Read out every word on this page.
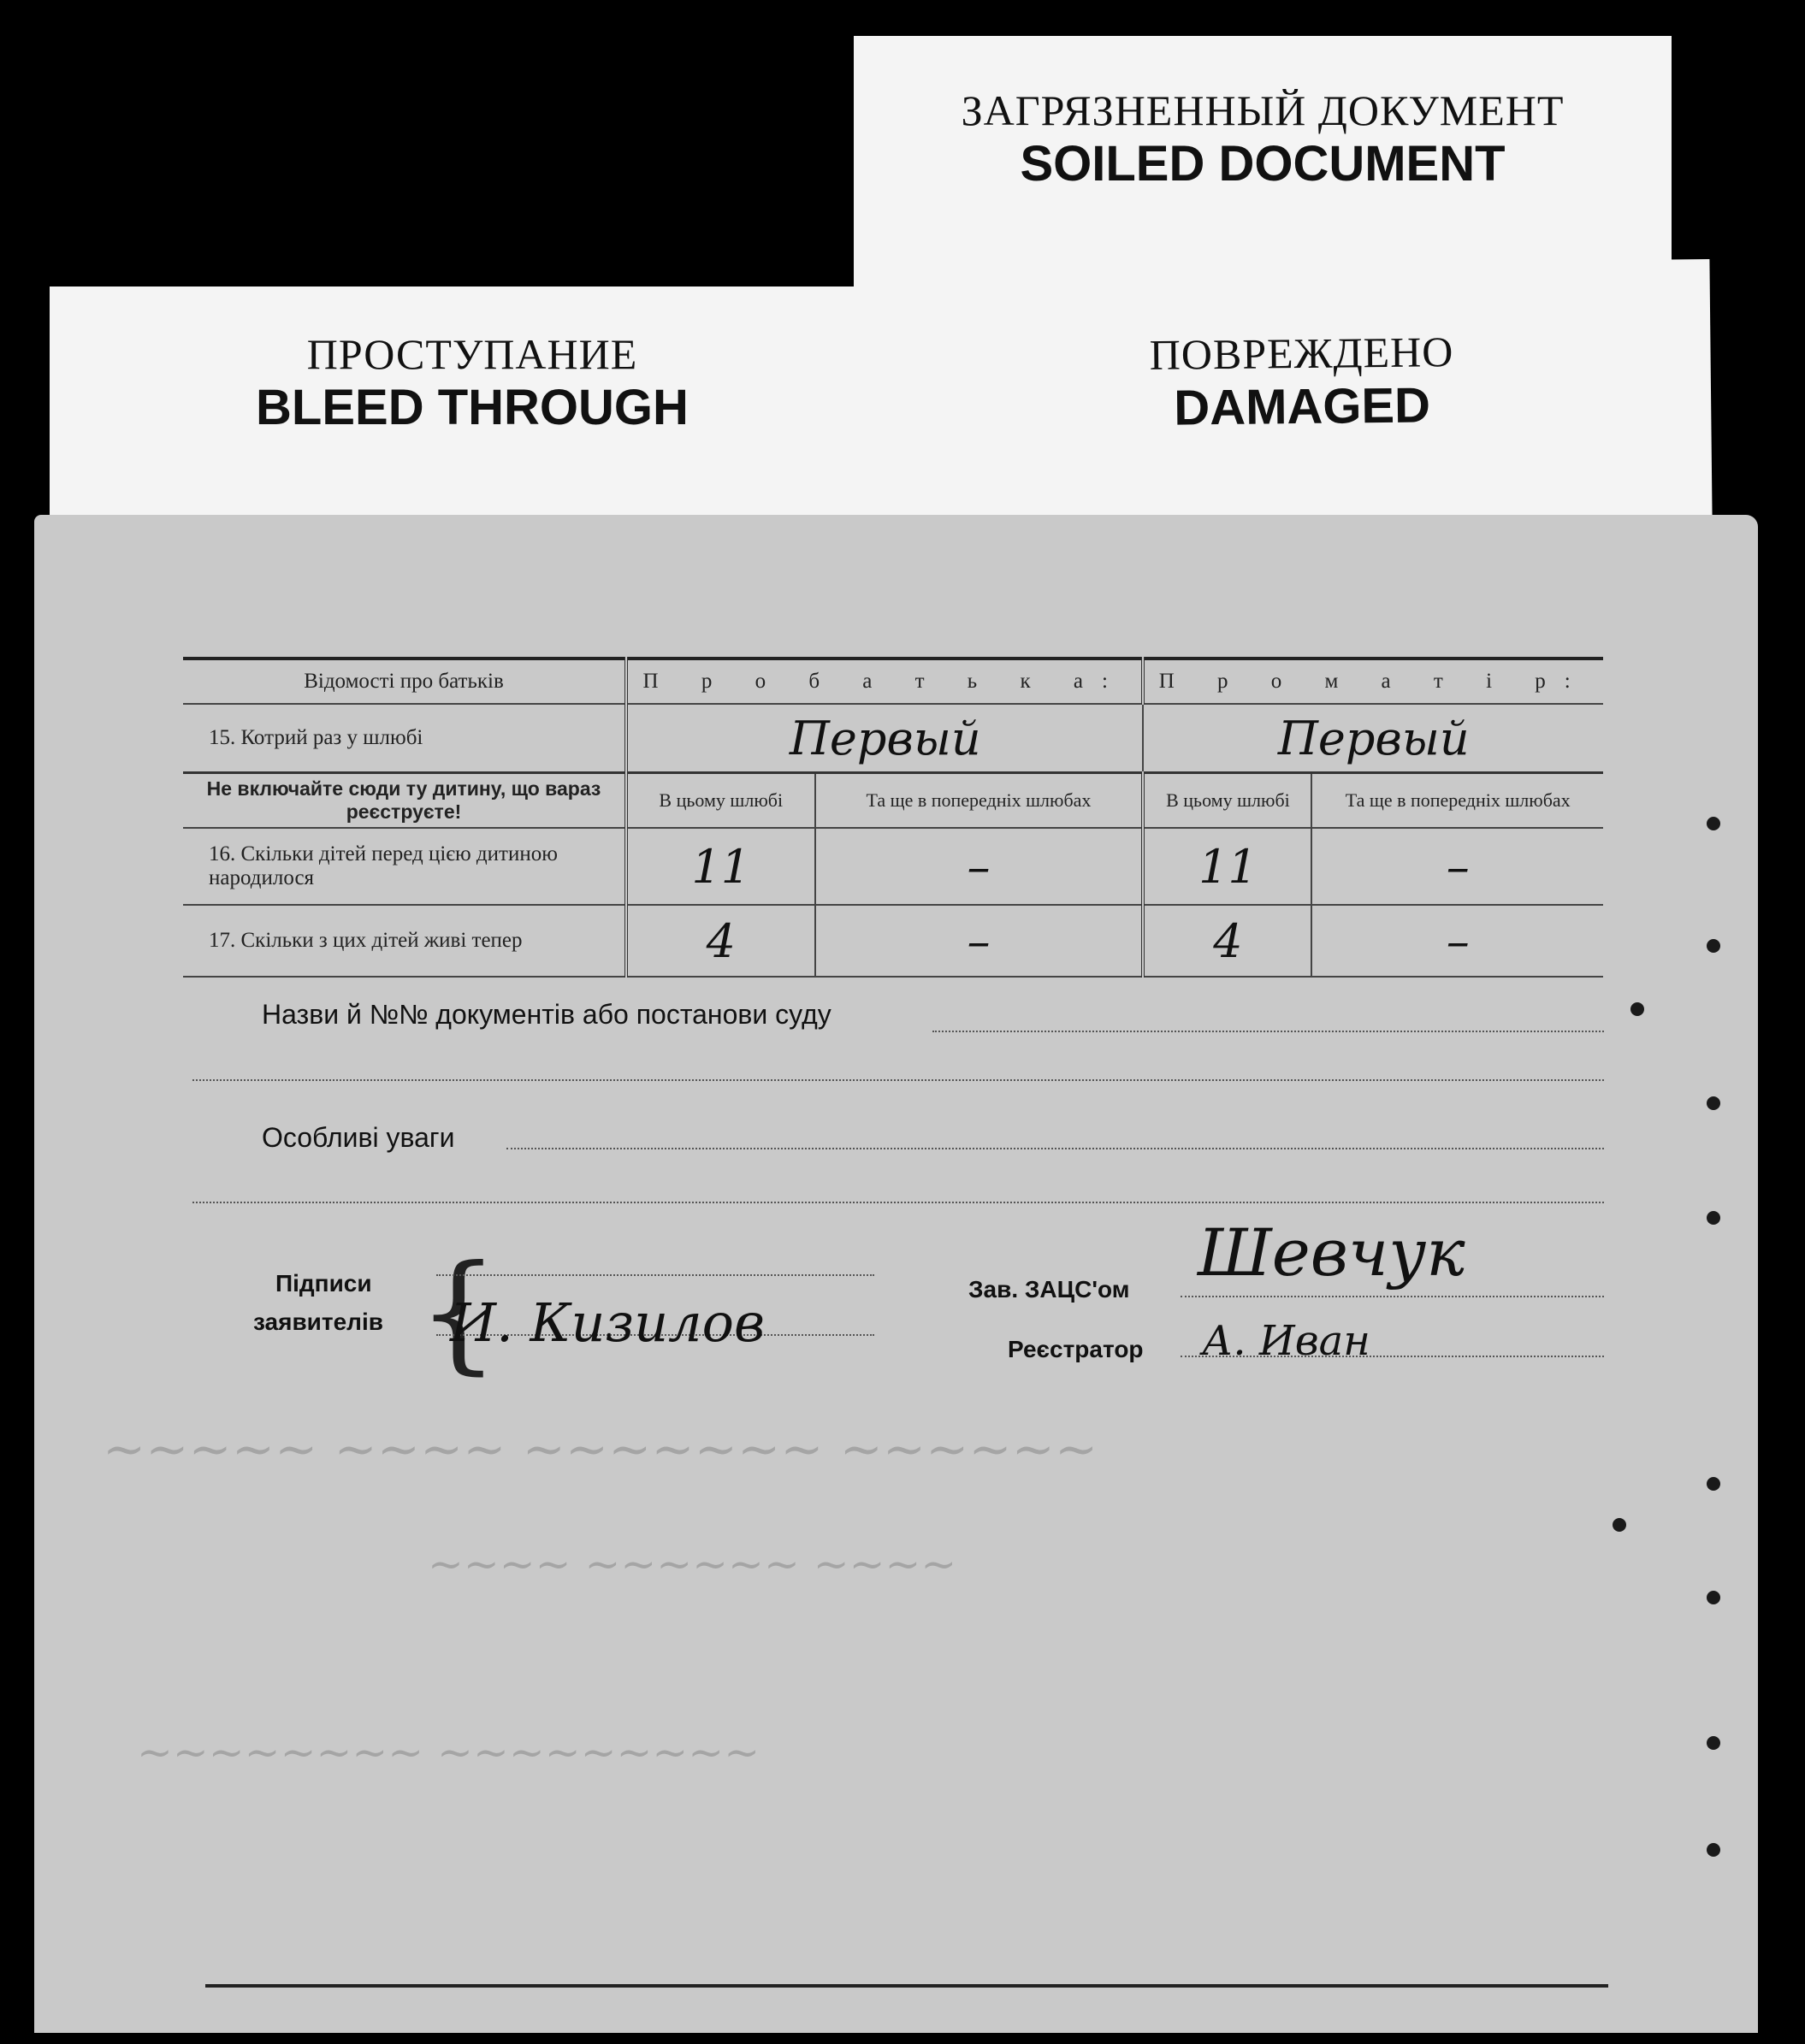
ЗАГРЯЗНЕННЫЙ ДОКУМЕНТ
SOILED DOCUMENT
ПРОСТУПАНИЕ
BLEED THROUGH
ПОВРЕЖДЕНО
DAMAGED
~~~~~ ~~~~ ~~~~~~~ ~~~~~~
~~~~ ~~~~~~ ~~~~
~~~~~~~~ ~~~~~~~~~
Відомості про батьків	П р о б а т ь к а:		П р о м а т і р:	
15. Котрий раз у шлюбі	Первый		Первый	
Не включайте сюди ту дитину, що вараз реєструєте!	В цьому шлюбі	Та ще в попередніх шлюбах	В цьому шлюбі	Та ще в попередніх шлюбах
16. Скільки дітей перед цією дитиною народилося	11	–	11	–
17. Скільки з цих дітей живі тепер	4	–	4	–
Назви й №№ документів або постанови суду
Особливі уваги
Підписи
заявителів {
И. Кизилов
Зав. ЗАЦС'ом
Реєстратор
Шевчук
А. Иван
